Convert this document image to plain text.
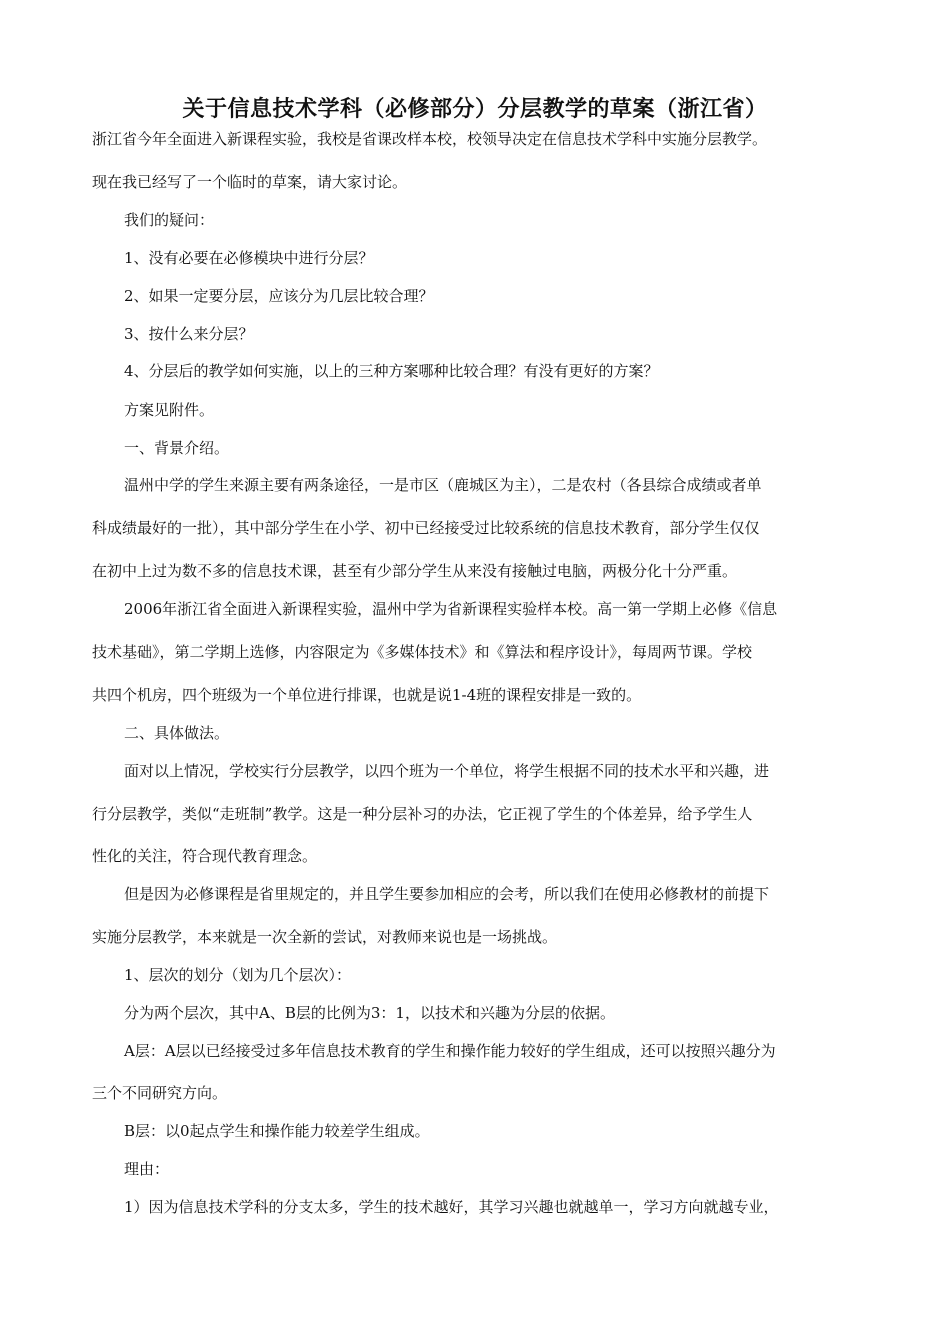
关于信息技术学科（必修部分）分层教学的草案（浙江省）
浙江省今年全面进入新课程实验，我校是省课改样本校，校领导决定在信息技术学科中实施分层教学。
现在我已经写了一个临时的草案，请大家讨论。
我们的疑问：
1、没有必要在必修模块中进行分层？
2、如果一定要分层，应该分为几层比较合理？
3、按什么来分层？
4、分层后的教学如何实施，以上的三种方案哪种比较合理？有没有更好的方案？
方案见附件。
一、背景介绍。
温州中学的学生来源主要有两条途径，一是市区（鹿城区为主），二是农村（各县综合成绩或者单
科成绩最好的一批），其中部分学生在小学、初中已经接受过比较系统的信息技术教育，部分学生仅仅
在初中上过为数不多的信息技术课，甚至有少部分学生从来没有接触过电脑，两极分化十分严重。
2006年浙江省全面进入新课程实验，温州中学为省新课程实验样本校。高一第一学期上必修《信息
技术基础》，第二学期上选修，内容限定为《多媒体技术》和《算法和程序设计》，每周两节课。学校
共四个机房，四个班级为一个单位进行排课，也就是说1-4班的课程安排是一致的。
二、具体做法。
面对以上情况，学校实行分层教学，以四个班为一个单位，将学生根据不同的技术水平和兴趣，进
行分层教学，类似“走班制”教学。这是一种分层补习的办法，它正视了学生的个体差异，给予学生人
性化的关注，符合现代教育理念。
但是因为必修课程是省里规定的，并且学生要参加相应的会考，所以我们在使用必修教材的前提下
实施分层教学，本来就是一次全新的尝试，对教师来说也是一场挑战。
1、层次的划分（划为几个层次）：
分为两个层次，其中A、B层的比例为3：1，以技术和兴趣为分层的依据。
A层：A层以已经接受过多年信息技术教育的学生和操作能力较好的学生组成，还可以按照兴趣分为
三个不同研究方向。
B层：以0起点学生和操作能力较差学生组成。
理由：
1）因为信息技术学科的分支太多，学生的技术越好，其学习兴趣也就越单一，学习方向就越专业，
